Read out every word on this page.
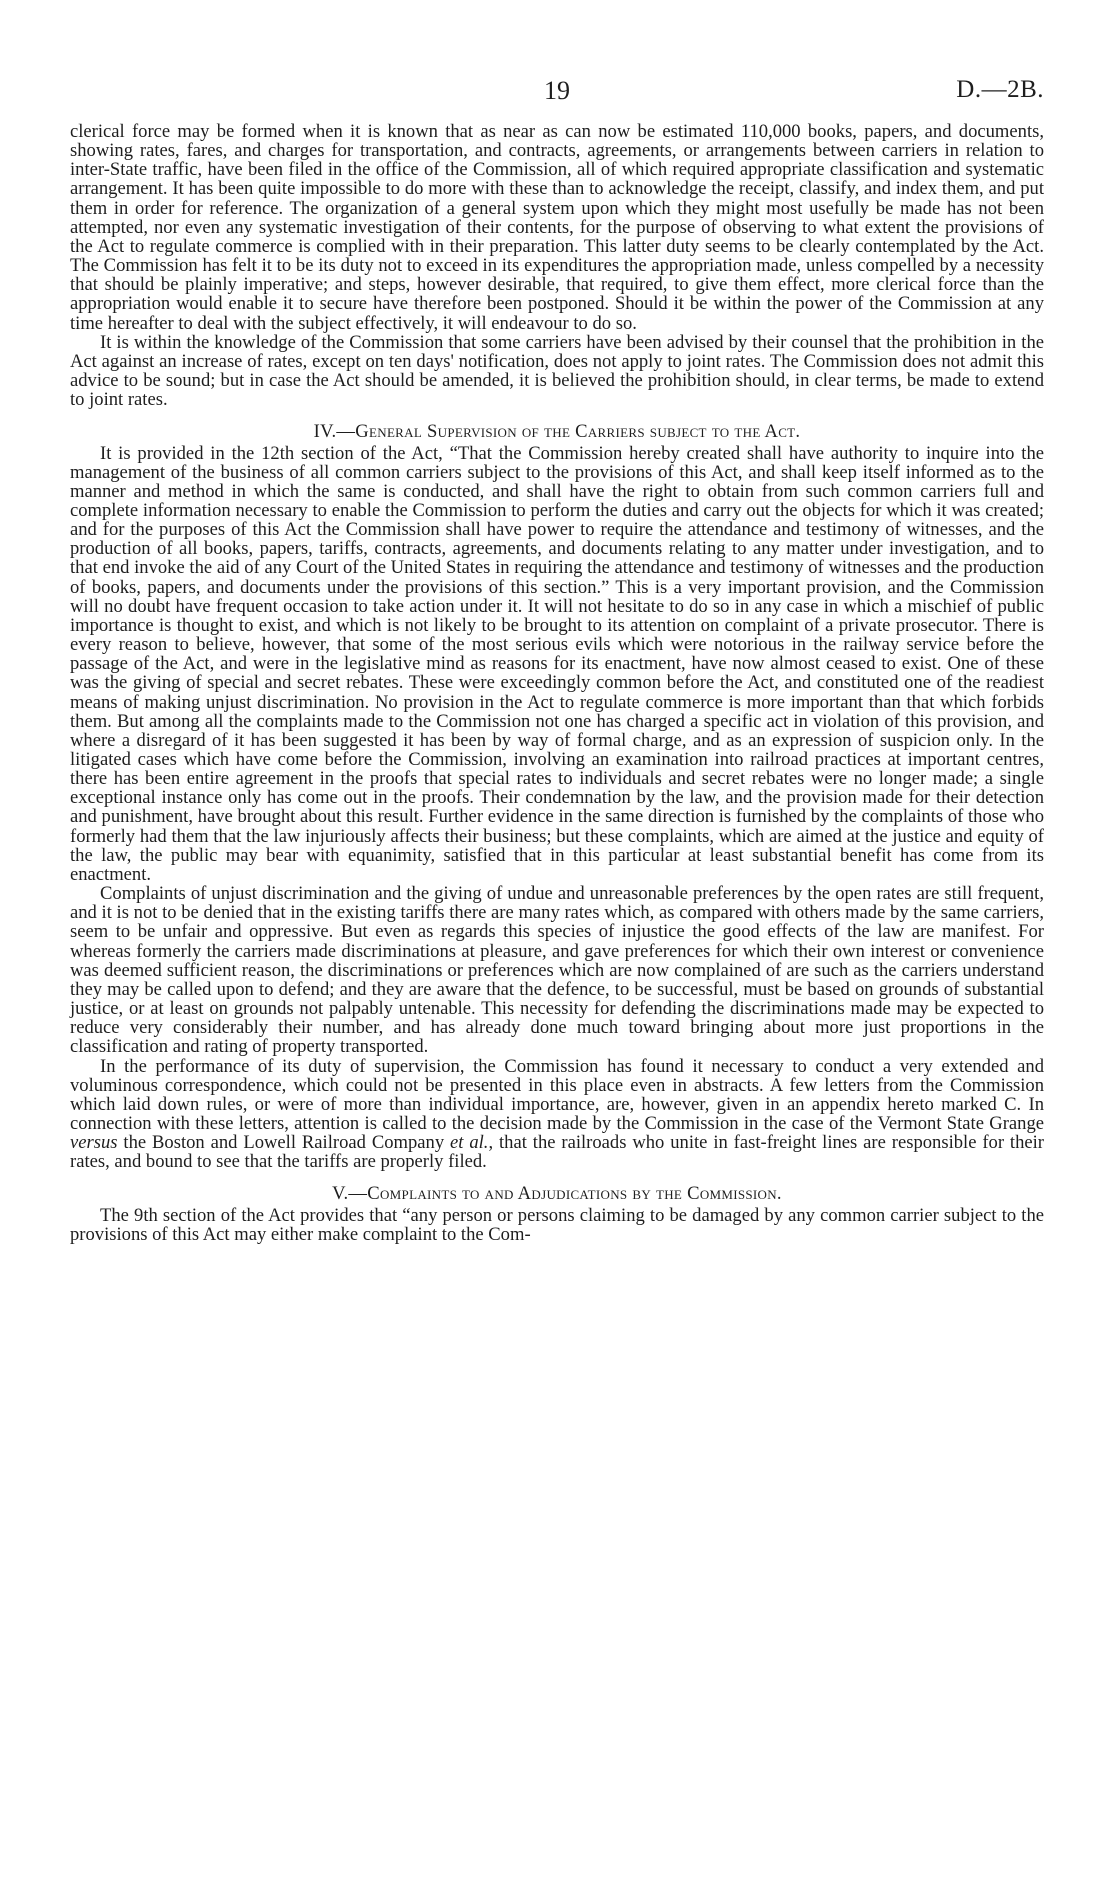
19	D.—2B.

clerical force may be formed when it is known that as near as can now be estimated 110,000 books, papers, and documents, showing rates, fares, and charges for transportation, and contracts, agreements, or arrangements between carriers in relation to inter-State traffic, have been filed in the office of the Commission, all of which required appropriate classification and systematic arrangement. It has been quite impossible to do more with these than to acknowledge the receipt, classify, and index them, and put them in order for reference. The organization of a general system upon which they might most usefully be made has not been attempted, nor even any systematic investigation of their contents, for the purpose of observing to what extent the provisions of the Act to regulate commerce is complied with in their preparation. This latter duty seems to be clearly contemplated by the Act. The Commission has felt it to be its duty not to exceed in its expenditures the appropriation made, unless compelled by a necessity that should be plainly imperative; and steps, however desirable, that required, to give them effect, more clerical force than the appropriation would enable it to secure have therefore been postponed. Should it be within the power of the Commission at any time hereafter to deal with the subject effectively, it will endeavour to do so.

It is within the knowledge of the Commission that some carriers have been advised by their counsel that the prohibition in the Act against an increase of rates, except on ten days' notification, does not apply to joint rates. The Commission does not admit this advice to be sound; but in case the Act should be amended, it is believed the prohibition should, in clear terms, be made to extend to joint rates.

IV.—General Supervision of the Carriers subject to the Act.

It is provided in the 12th section of the Act, “That the Commission hereby created shall have authority to inquire into the management of the business of all common carriers subject to the provisions of this Act, and shall keep itself informed as to the manner and method in which the same is conducted, and shall have the right to obtain from such common carriers full and complete information necessary to enable the Commission to perform the duties and carry out the objects for which it was created; and for the purposes of this Act the Commission shall have power to require the attendance and testimony of witnesses, and the production of all books, papers, tariffs, contracts, agreements, and documents relating to any matter under investigation, and to that end invoke the aid of any Court of the United States in requiring the attendance and testimony of witnesses and the production of books, papers, and documents under the provisions of this section.” This is a very important provision, and the Commission will no doubt have frequent occasion to take action under it. It will not hesitate to do so in any case in which a mischief of public importance is thought to exist, and which is not likely to be brought to its attention on complaint of a private prosecutor. There is every reason to believe, however, that some of the most serious evils which were notorious in the railway service before the passage of the Act, and were in the legislative mind as reasons for its enactment, have now almost ceased to exist. One of these was the giving of special and secret rebates. These were exceedingly common before the Act, and constituted one of the readiest means of making unjust discrimination. No provision in the Act to regulate commerce is more important than that which forbids them. But among all the complaints made to the Commission not one has charged a specific act in violation of this provision, and where a disregard of it has been suggested it has been by way of formal charge, and as an expression of suspicion only. In the litigated cases which have come before the Commission, involving an examination into railroad practices at important centres, there has been entire agreement in the proofs that special rates to individuals and secret rebates were no longer made; a single exceptional instance only has come out in the proofs. Their condemnation by the law, and the provision made for their detection and punishment, have brought about this result. Further evidence in the same direction is furnished by the complaints of those who formerly had them that the law injuriously affects their business; but these complaints, which are aimed at the justice and equity of the law, the public may bear with equanimity, satisfied that in this particular at least substantial benefit has come from its enactment.

Complaints of unjust discrimination and the giving of undue and unreasonable preferences by the open rates are still frequent, and it is not to be denied that in the existing tariffs there are many rates which, as compared with others made by the same carriers, seem to be unfair and oppressive. But even as regards this species of injustice the good effects of the law are manifest. For whereas formerly the carriers made discriminations at pleasure, and gave preferences for which their own interest or convenience was deemed sufficient reason, the discriminations or preferences which are now complained of are such as the carriers understand they may be called upon to defend; and they are aware that the defence, to be successful, must be based on grounds of substantial justice, or at least on grounds not palpably untenable. This necessity for defending the discriminations made may be expected to reduce very considerably their number, and has already done much toward bringing about more just proportions in the classification and rating of property transported.

In the performance of its duty of supervision, the Commission has found it necessary to conduct a very extended and voluminous correspondence, which could not be presented in this place even in abstracts. A few letters from the Commission which laid down rules, or were of more than individual importance, are, however, given in an appendix hereto marked C. In connection with these letters, attention is called to the decision made by the Commission in the case of the Vermont State Grange versus the Boston and Lowell Railroad Company et al., that the railroads who unite in fast-freight lines are responsible for their rates, and bound to see that the tariffs are properly filed.

V.—Complaints to and Adjudications by the Commission.

The 9th section of the Act provides that “any person or persons claiming to be damaged by any common carrier subject to the provisions of this Act may either make complaint to the Com-
